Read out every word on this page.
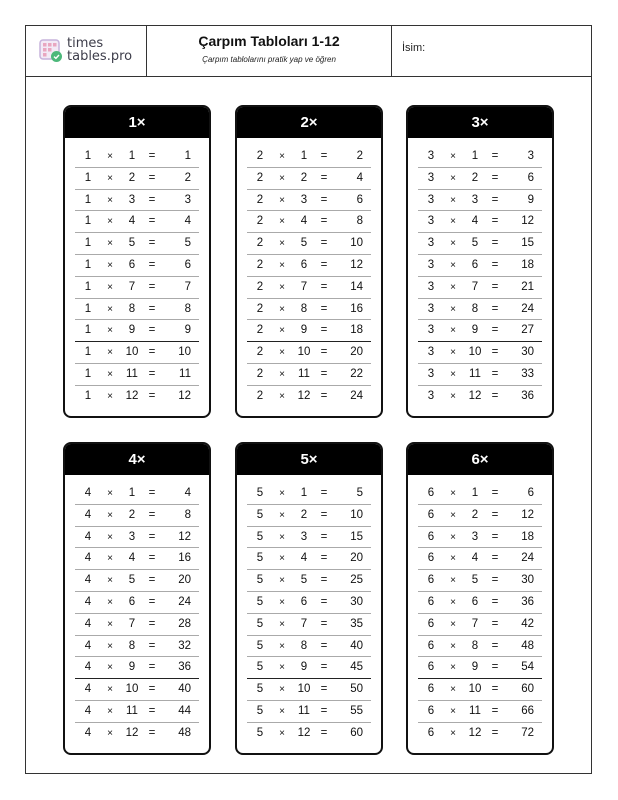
times
tables.pro
Çarpım Tabloları 1-12
Çarpım tablolarını pratik yap ve öğren
İsim:
1×
1 ×	1	=	1
1 ×	2	=	2
1 ×	3	=	3
1 ×	4	=	4
1 ×	5	=	5
1 ×	6	=	6
1 ×	7	=	7
1 ×	8	=	8
1 ×	9	=	9
1 ×	10 =	10
1 ×	11 =	11
1 ×	12 =	12
2×
2 ×	1	=	2
2 ×	2	=	4
2 ×	3	=	6
2 ×	4	=	8
2 ×	5	=	10
2 ×	6	=	12
2 ×	7	=	14
2 ×	8	=	16
2 ×	9	=	18
2 ×	10 =	20
2 ×	11 =	22
2 ×	12 =	24
3×
3 ×	1	=	3
3 ×	2	=	6
3 ×	3	=	9
3 ×	4	=	12
3 ×	5	=	15
3 ×	6	=	18
3 ×	7	=	21
3 ×	8	=	24
3 ×	9	=	27
3 ×	10 =	30
3 ×	11 =	33
3 ×	12 =	36
4×
4 ×	1	=	4
4 ×	2	=	8
4 ×	3	=	12
4 ×	4	=	16
4 ×	5	=	20
4 ×	6	=	24
4 ×	7	=	28
4 ×	8	=	32
4 ×	9	=	36
4 ×	10 =	40
4 ×	11 =	44
4 ×	12 =	48
5×
5 ×	1	=	5
5 ×	2	=	10
5 ×	3	=	15
5 ×	4	=	20
5 ×	5	=	25
5 ×	6	=	30
5 ×	7	=	35
5 ×	8	=	40
5 ×	9	=	45
5 ×	10 =	50
5 ×	11 =	55
5 ×	12 =	60
6×
6 ×	1	=	6
6 ×	2	=	12
6 ×	3	=	18
6 ×	4	=	24
6 ×	5	=	30
6 ×	6	=	36
6 ×	7	=	42
6 ×	8	=	48
6 ×	9	=	54
6 ×	10 =	60
6 ×	11 =	66
6 ×	12 =	72
